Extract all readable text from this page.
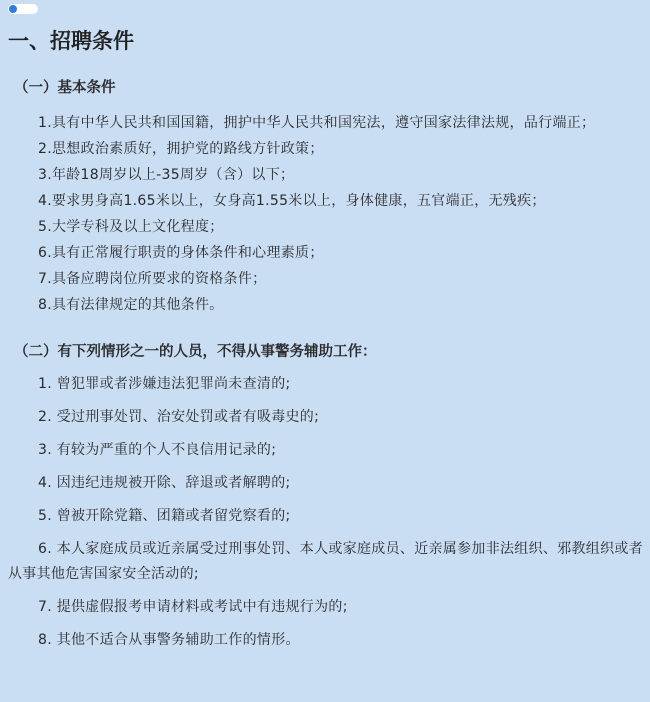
一、招聘条件

（一）基本条件

1.具有中华人民共和国国籍，拥护中华人民共和国宪法，遵守国家法律法规，品行端正；

2.思想政治素质好，拥护党的路线方针政策；

3.年龄18周岁以上-35周岁（含）以下；

4.要求男身高1.65米以上，女身高1.55米以上，身体健康，五官端正，无残疾；

5.大学专科及以上文化程度；

6.具有正常履行职责的身体条件和心理素质；

7.具备应聘岗位所要求的资格条件；

8.具有法律规定的其他条件。

（二）有下列情形之一的人员，不得从事警务辅助工作：

1. 曾犯罪或者涉嫌违法犯罪尚未查清的;

2. 受过刑事处罚、治安处罚或者有吸毒史的;

3. 有较为严重的个人不良信用记录的;

4. 因违纪违规被开除、辞退或者解聘的;

5. 曾被开除党籍、团籍或者留党察看的;

6. 本人家庭成员或近亲属受过刑事处罚、本人或家庭成员、近亲属参加非法组织、邪教组织或者从事其他危害国家安全活动的;

7. 提供虚假报考申请材料或考试中有违规行为的;

8. 其他不适合从事警务辅助工作的情形。
